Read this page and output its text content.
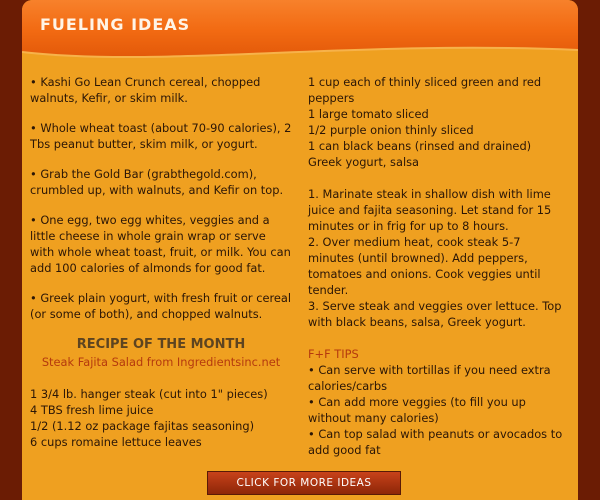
FUELING IDEAS

• Kashi Go Lean Crunch cereal, chopped walnuts, Kefir, or skim milk.

• Whole wheat toast (about 70-90 calories), 2 Tbs peanut butter, skim milk, or yogurt.

• Grab the Gold Bar (grabthegold.com), crumbled up, with walnuts, and Kefir on top.

• One egg, two egg whites, veggies and a little cheese in whole grain wrap or serve with whole wheat toast, fruit, or milk. You can add 100 calories of almonds for good fat.

• Greek plain yogurt, with fresh fruit or cereal (or some of both), and chopped walnuts.

RECIPE OF THE MONTH
Steak Fajita Salad from Ingredientsinc.net
1 3/4 lb. hanger steak (cut into 1" pieces)
4 TBS fresh lime juice
1/2 (1.12 oz package fajitas seasoning)
6 cups romaine lettuce leaves
1 cup each of thinly sliced green and red peppers
1 large tomato sliced
1/2 purple onion thinly sliced
1 can black beans (rinsed and drained)
Greek yogurt, salsa
1. Marinate steak in shallow dish with lime juice and fajita seasoning. Let stand for 15 minutes or in frig for up to 8 hours.
2. Over medium heat, cook steak 5-7 minutes (until browned). Add peppers, tomatoes and onions. Cook veggies until tender.
3. Serve steak and veggies over lettuce. Top with black beans, salsa, Greek yogurt.
F+F TIPS
• Can serve with tortillas if you need extra calories/carbs
• Can add more veggies (to fill you up without many calories)
• Can top salad with peanuts or avocados to add good fat
CLICK FOR MORE IDEAS
